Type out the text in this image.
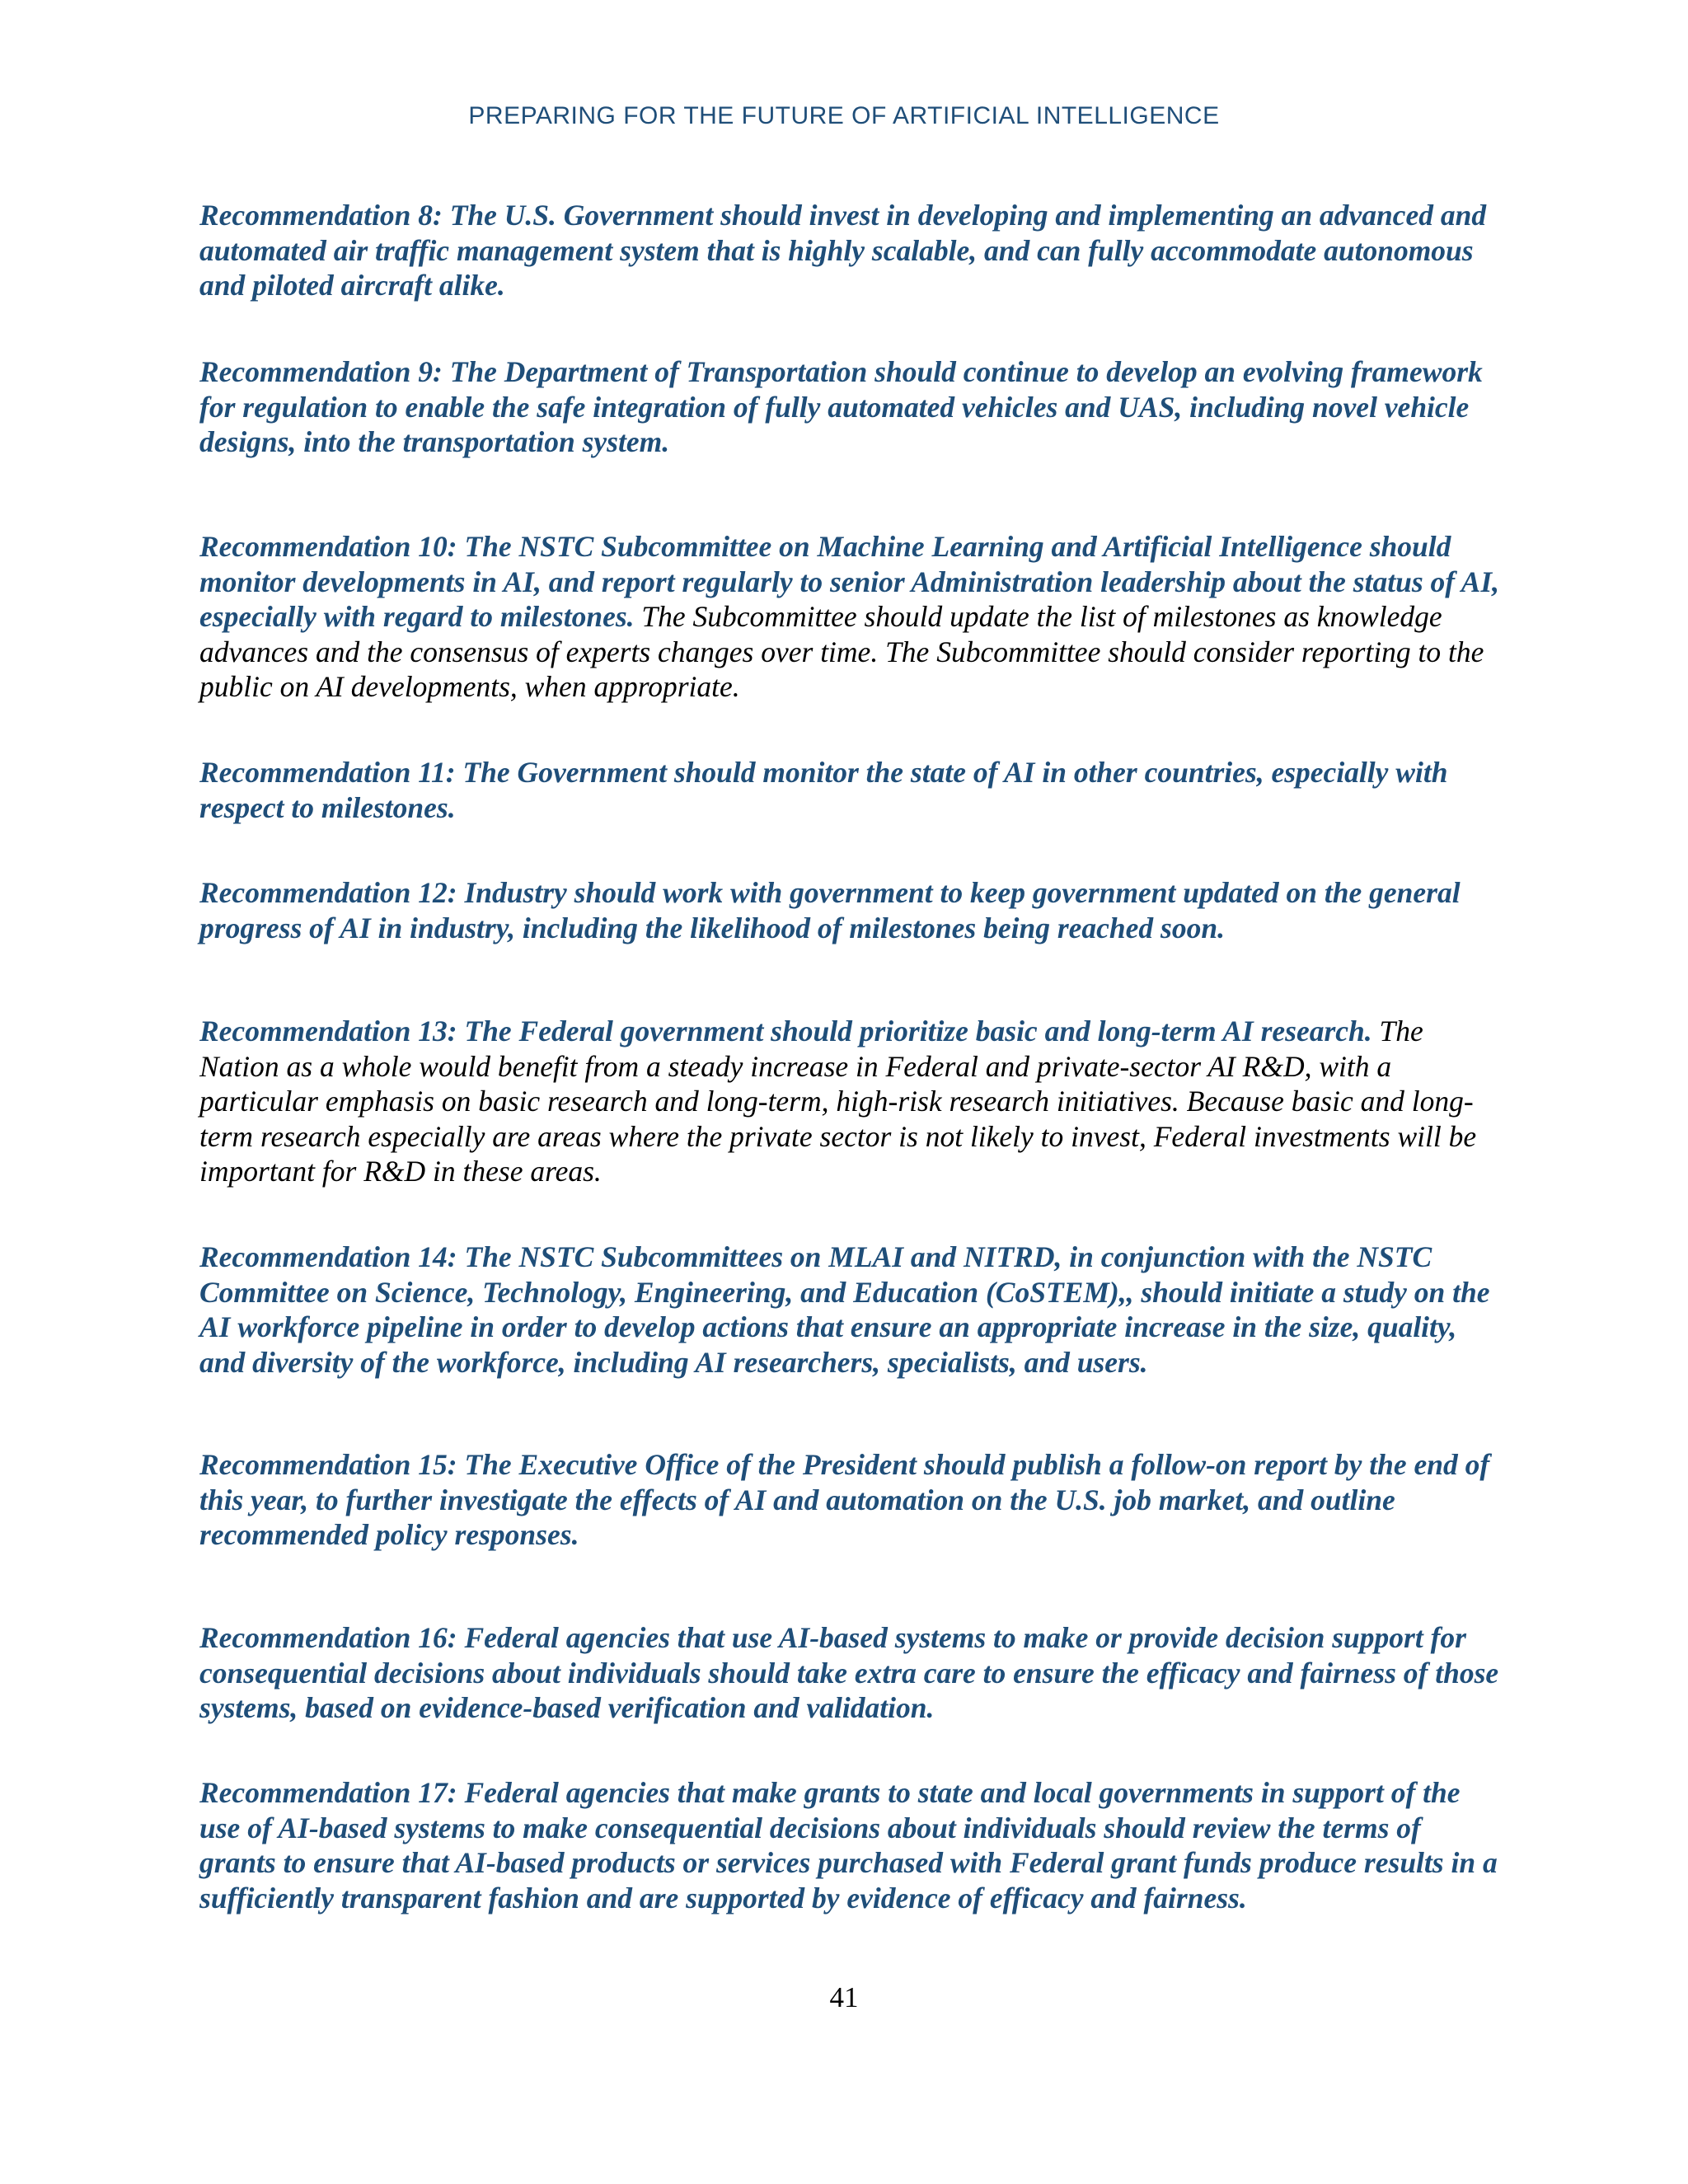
PREPARING FOR THE FUTURE OF ARTIFICIAL INTELLIGENCE

Recommendation 8: The U.S. Government should invest in developing and implementing an advanced and automated air traffic management system that is highly scalable, and can fully accommodate autonomous and piloted aircraft alike.

Recommendation 9: The Department of Transportation should continue to develop an evolving framework for regulation to enable the safe integration of fully automated vehicles and UAS, including novel vehicle designs, into the transportation system.

Recommendation 10: The NSTC Subcommittee on Machine Learning and Artificial Intelligence should monitor developments in AI, and report regularly to senior Administration leadership about the status of AI, especially with regard to milestones. The Subcommittee should update the list of milestones as knowledge advances and the consensus of experts changes over time. The Subcommittee should consider reporting to the public on AI developments, when appropriate.

Recommendation 11: The Government should monitor the state of AI in other countries, especially with respect to milestones.

Recommendation 12: Industry should work with government to keep government updated on the general progress of AI in industry, including the likelihood of milestones being reached soon.

Recommendation 13: The Federal government should prioritize basic and long-term AI research. The Nation as a whole would benefit from a steady increase in Federal and private-sector AI R&D, with a particular emphasis on basic research and long-term, high-risk research initiatives. Because basic and long-term research especially are areas where the private sector is not likely to invest, Federal investments will be important for R&D in these areas.

Recommendation 14: The NSTC Subcommittees on MLAI and NITRD, in conjunction with the NSTC Committee on Science, Technology, Engineering, and Education (CoSTEM),, should initiate a study on the AI workforce pipeline in order to develop actions that ensure an appropriate increase in the size, quality, and diversity of the workforce, including AI researchers, specialists, and users.

Recommendation 15: The Executive Office of the President should publish a follow-on report by the end of this year, to further investigate the effects of AI and automation on the U.S. job market, and outline recommended policy responses.

Recommendation 16: Federal agencies that use AI-based systems to make or provide decision support for consequential decisions about individuals should take extra care to ensure the efficacy and fairness of those systems, based on evidence-based verification and validation.

Recommendation 17: Federal agencies that make grants to state and local governments in support of the use of AI-based systems to make consequential decisions about individuals should review the terms of grants to ensure that AI-based products or services purchased with Federal grant funds produce results in a sufficiently transparent fashion and are supported by evidence of efficacy and fairness.

41
